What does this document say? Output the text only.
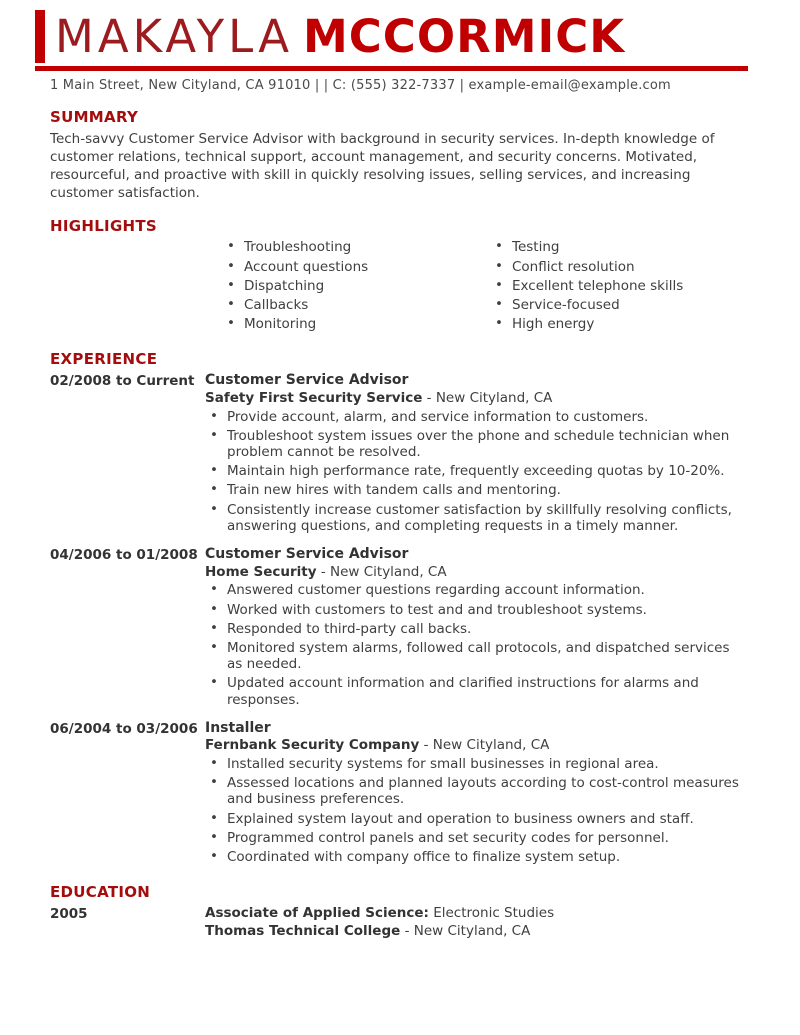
MAKAYLA MCCORMICK
1 Main Street, New Cityland, CA 91010 | | C: (555) 322-7337 | example-email@example.com
SUMMARY

Tech-savvy Customer Service Advisor with background in security services. In-depth knowledge of customer relations, technical support, account management, and security concerns. Motivated, resourceful, and proactive with skill in quickly resolving issues, selling services, and increasing customer satisfaction.

HIGHLIGHTS
• Troubleshooting
• Account questions
• Dispatching
• Callbacks
• Monitoring
• Testing
• Conflict resolution
• Excellent telephone skills
• Service-focused
• High energy
EXPERIENCE
02/2008 to Current Customer Service Advisor
Safety First Security Service - New Cityland, CA
• Provide account, alarm, and service information to customers.
• Troubleshoot system issues over the phone and schedule technician when problem cannot be resolved.
• Maintain high performance rate, frequently exceeding quotas by 10-20%.
• Train new hires with tandem calls and mentoring.
• Consistently increase customer satisfaction by skillfully resolving conflicts, answering questions, and completing requests in a timely manner.
04/2006 to 01/2008 Customer Service Advisor
Home Security - New Cityland, CA
• Answered customer questions regarding account information.
• Worked with customers to test and and troubleshoot systems.
• Responded to third-party call backs.
• Monitored system alarms, followed call protocols, and dispatched services as needed.
• Updated account information and clarified instructions for alarms and responses.
06/2004 to 03/2006 Installer
Fernbank Security Company - New Cityland, CA
• Installed security systems for small businesses in regional area.
• Assessed locations and planned layouts according to cost-control measures and business preferences.
• Explained system layout and operation to business owners and staff.
• Programmed control panels and set security codes for personnel.
• Coordinated with company office to finalize system setup.
EDUCATION
2005	Associate of Applied Science: Electronic Studies
Thomas Technical College - New Cityland, CA
